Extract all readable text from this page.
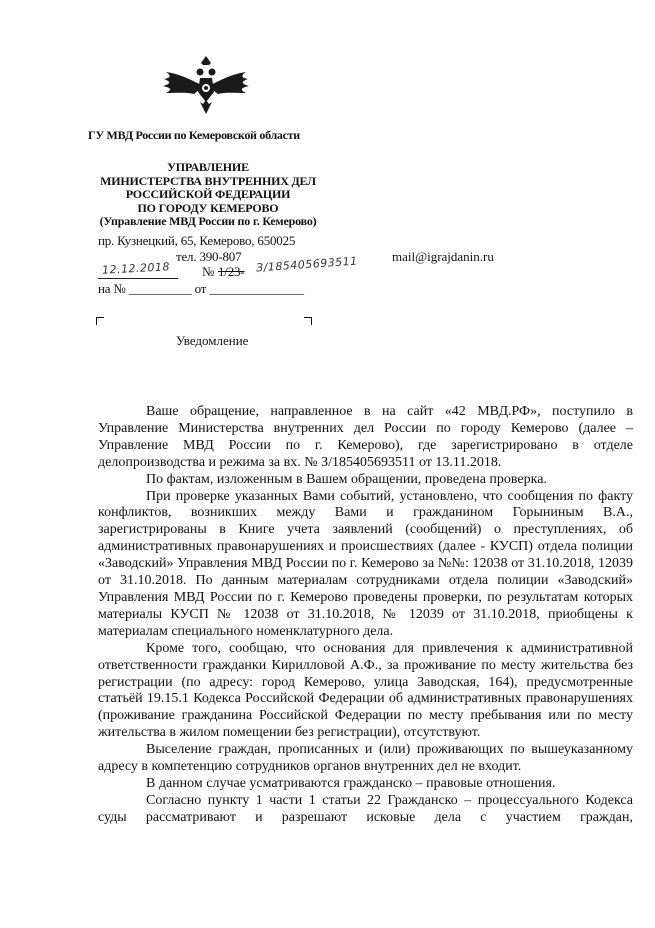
ГУ МВД России по Кемеровской области
УПРАВЛЕНИЕ
МИНИСТЕРСТВА ВНУТРЕННИХ ДЕЛ
РОССИЙСКОЙ ФЕДЕРАЦИИ
ПО ГОРОДУ КЕМЕРОВО
(Управление МВД России по г. Кемерово)
пр. Кузнецкий, 65, Кемерово, 650025
тел. 390-807	mail@igrajdanin.ru
12.12.2018 № 1/23- З/185405693511
на № __________ от _______________
Уведомление

Ваше обращение, направленное в на сайт «42 МВД.РФ», поступило в Управление Министерства внутренних дел России по городу Кемерово (далее – Управление МВД России по г. Кемерово), где зарегистрировано в отделе делопроизводства и режима за вх. № З/185405693511 от 13.11.2018.

По фактам, изложенным в Вашем обращении, проведена проверка.

При проверке указанных Вами событий, установлено, что сообщения по факту конфликтов, возникших между Вами и гражданином Горыниным В.А., зарегистрированы в Книге учета заявлений (сообщений) о преступлениях, об административных правонарушениях и происшествиях (далее - КУСП) отдела полиции «Заводский» Управления МВД России по г. Кемерово за №№: 12038 от 31.10.2018, 12039 от 31.10.2018. По данным материалам сотрудниками отдела полиции «Заводский» Управления МВД России по г. Кемерово проведены проверки, по результатам которых материалы КУСП № 12038 от 31.10.2018, № 12039 от 31.10.2018, приобщены к материалам специального номенклатурного дела.

Кроме того, сообщаю, что основания для привлечения к административной ответственности гражданки Кирилловой А.Ф., за проживание по месту жительства без регистрации (по адресу: город Кемерово, улица Заводская, 164), предусмотренные статьёй 19.15.1 Кодекса Российской Федерации об административных правонарушениях (проживание гражданина Российской Федерации по месту пребывания или по месту жительства в жилом помещении без регистрации), отсутствуют.

Выселение граждан, прописанных и (или) проживающих по вышеуказанному адресу в компетенцию сотрудников органов внутренних дел не входит.

В данном случае усматриваются гражданско – правовые отношения.

Согласно пункту 1 части 1 статьи 22 Гражданско – процессуального Кодекса суды рассматривают и разрешают исковые дела с участием граждан,
